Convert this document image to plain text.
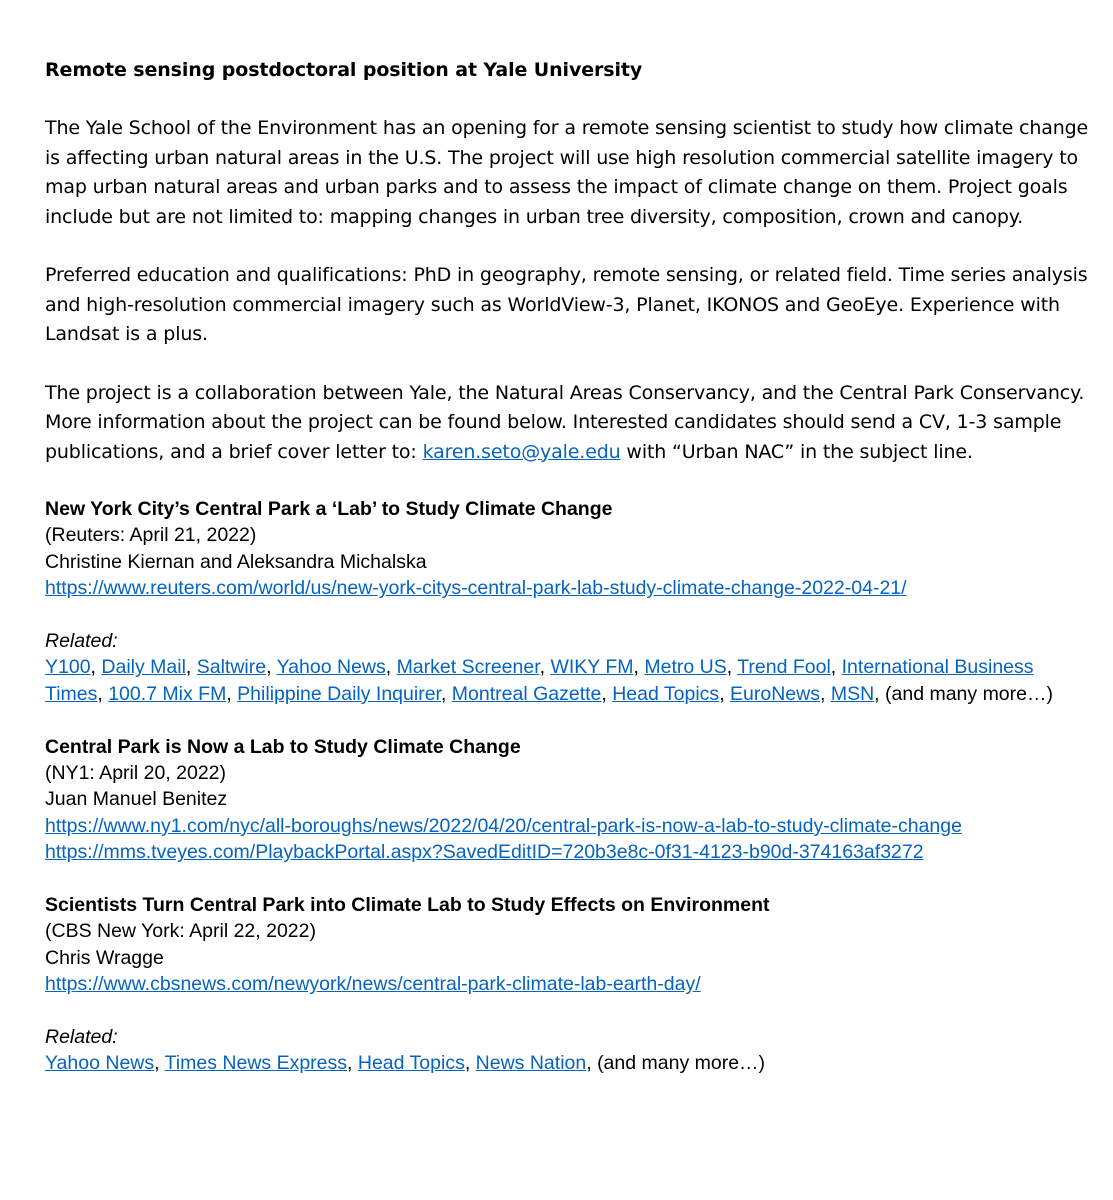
Remote sensing postdoctoral position at Yale University

The Yale School of the Environment has an opening for a remote sensing scientist to study how climate change is affecting urban natural areas in the U.S. The project will use high resolution commercial satellite imagery to map urban natural areas and urban parks and to assess the impact of climate change on them. Project goals include but are not limited to: mapping changes in urban tree diversity, composition, crown and canopy.

Preferred education and qualifications: PhD in geography, remote sensing, or related field. Time series analysis and high-resolution commercial imagery such as WorldView-3, Planet, IKONOS and GeoEye. Experience with Landsat is a plus.

The project is a collaboration between Yale, the Natural Areas Conservancy, and the Central Park Conservancy. More information about the project can be found below. Interested candidates should send a CV, 1-3 sample publications, and a brief cover letter to: karen.seto@yale.edu with “Urban NAC” in the subject line.

New York City’s Central Park a ‘Lab’ to Study Climate Change
(Reuters: April 21, 2022)
Christine Kiernan and Aleksandra Michalska
https://www.reuters.com/world/us/new-york-citys-central-park-lab-study-climate-change-2022-04-21/
Related:
Y100, Daily Mail, Saltwire, Yahoo News, Market Screener, WIKY FM, Metro US, Trend Fool, International Business Times, 100.7 Mix FM, Philippine Daily Inquirer, Montreal Gazette, Head Topics, EuroNews, MSN, (and many more…)
Central Park is Now a Lab to Study Climate Change
(NY1: April 20, 2022)
Juan Manuel Benitez
https://www.ny1.com/nyc/all-boroughs/news/2022/04/20/central-park-is-now-a-lab-to-study-climate-change
https://mms.tveyes.com/PlaybackPortal.aspx?SavedEditID=720b3e8c-0f31-4123-b90d-374163af3272
Scientists Turn Central Park into Climate Lab to Study Effects on Environment
(CBS New York: April 22, 2022)
Chris Wragge
https://www.cbsnews.com/newyork/news/central-park-climate-lab-earth-day/
Related:
Yahoo News, Times News Express, Head Topics, News Nation, (and many more…)
